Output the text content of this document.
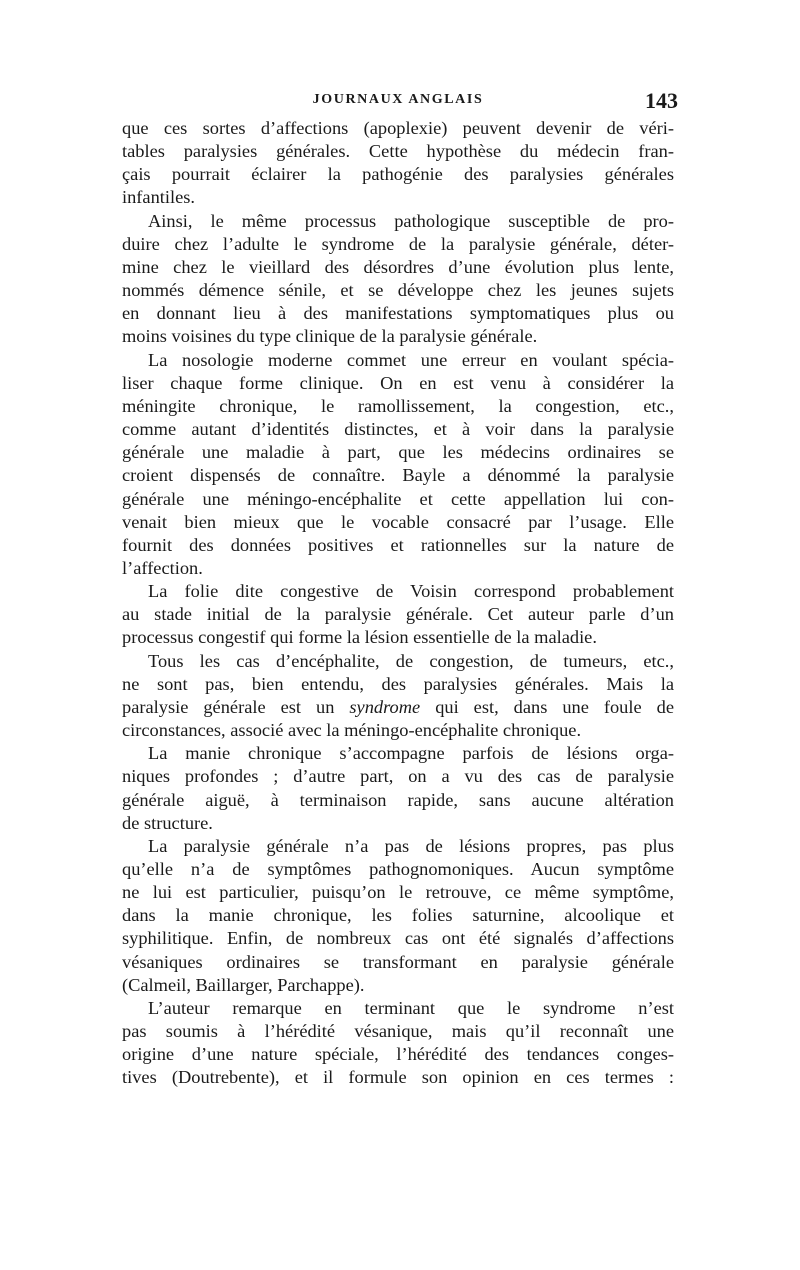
JOURNAUX ANGLAIS	143

que ces sortes d’affections (apoplexie) peuvent devenir de véri-
tables paralysies générales. Cette hypothèse du médecin fran-
çais pourrait éclairer la pathogénie des paralysies générales
infantiles.

Ainsi, le même processus pathologique susceptible de pro-
duire chez l’adulte le syndrome de la paralysie générale, déter-
mine chez le vieillard des désordres d’une évolution plus lente,
nommés démence sénile, et se développe chez les jeunes sujets
en donnant lieu à des manifestations symptomatiques plus ou
moins voisines du type clinique de la paralysie générale.

La nosologie moderne commet une erreur en voulant spécia-
liser chaque forme clinique. On en est venu à considérer la
méningite chronique, le ramollissement, la congestion, etc.,
comme autant d’identités distinctes, et à voir dans la paralysie
générale une maladie à part, que les médecins ordinaires se
croient dispensés de connaître. Bayle a dénommé la paralysie
générale une méningo-encéphalite et cette appellation lui con-
venait bien mieux que le vocable consacré par l’usage. Elle
fournit des données positives et rationnelles sur la nature de
l’affection.

La folie dite congestive de Voisin correspond probablement
au stade initial de la paralysie générale. Cet auteur parle d’un
processus congestif qui forme la lésion essentielle de la maladie.

Tous les cas d’encéphalite, de congestion, de tumeurs, etc.,
ne sont pas, bien entendu, des paralysies générales. Mais la
paralysie générale est un syndrome qui est, dans une foule de
circonstances, associé avec la méningo-encéphalite chronique.

La manie chronique s’accompagne parfois de lésions orga-
niques profondes ; d’autre part, on a vu des cas de paralysie
générale aiguë, à terminaison rapide, sans aucune altération
de structure.

La paralysie générale n’a pas de lésions propres, pas plus
qu’elle n’a de symptômes pathognomoniques. Aucun symptôme
ne lui est particulier, puisqu’on le retrouve, ce même symptôme,
dans la manie chronique, les folies saturnine, alcoolique et
syphilitique. Enfin, de nombreux cas ont été signalés d’affections
vésaniques ordinaires se transformant en paralysie générale
(Calmeil, Baillarger, Parchappe).

L’auteur remarque en terminant que le syndrome n’est
pas soumis à l’hérédité vésanique, mais qu’il reconnaît une
origine d’une nature spéciale, l’hérédité des tendances conges-
tives (Doutrebente), et il formule son opinion en ces termes :
